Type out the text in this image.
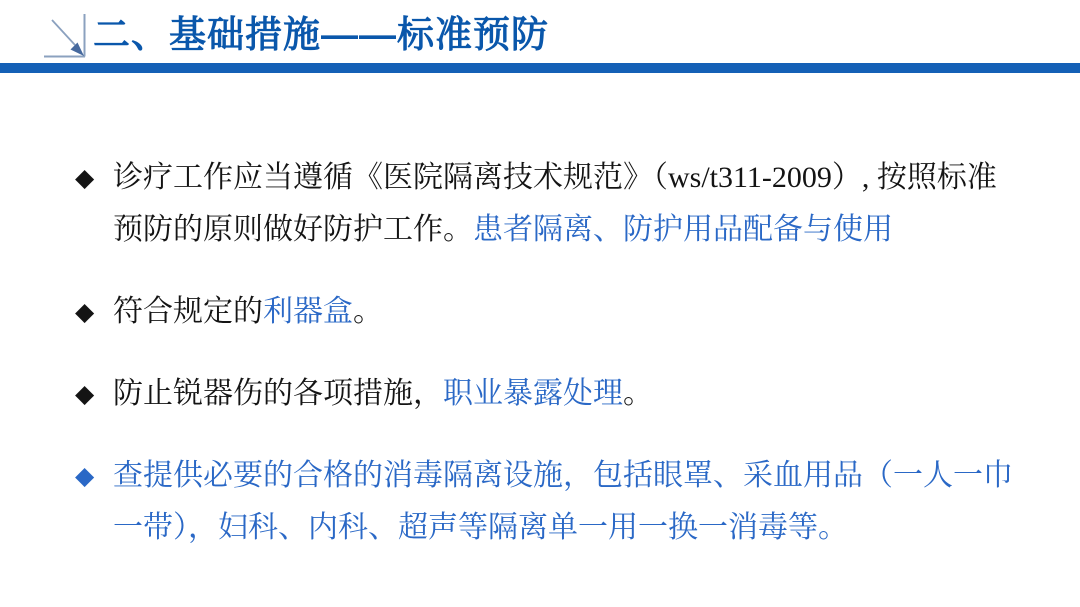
二、基础措施——标准预防
◆ 诊疗工作应当遵循《医院隔离技术规范》（ws/t311-2009）, 按照标准预防的原则做好防护工作。患者隔离、防护用品配备与使用
◆ 符合规定的利器盒。
◆ 防止锐器伤的各项措施，职业暴露处理。
◆ 查提供必要的合格的消毒隔离设施，包括眼罩、采血用品（一人一巾一带），妇科、内科、超声等隔离单一用一换一消毒等。
